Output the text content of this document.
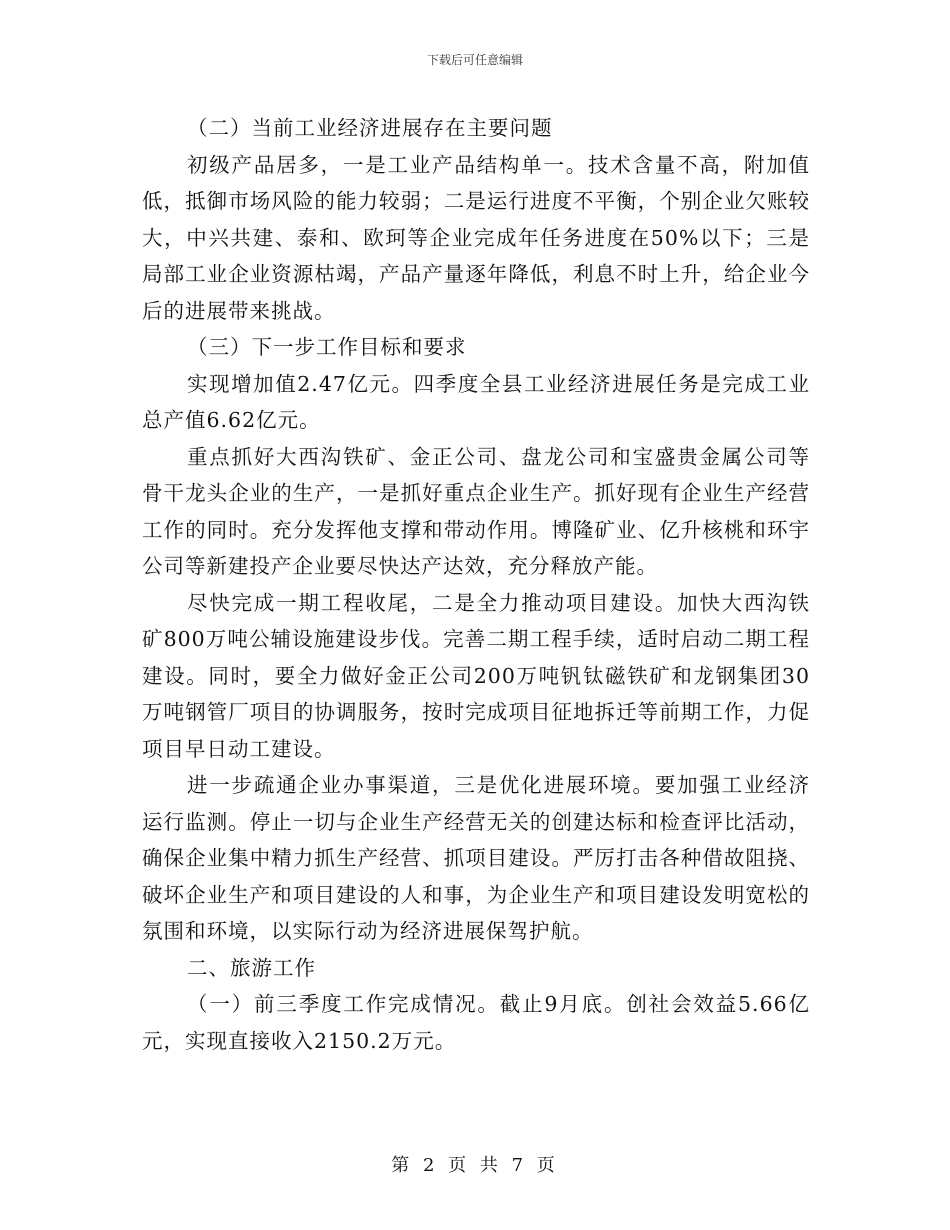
下载后可任意编辑

（二）当前工业经济进展存在主要问题

初级产品居多，一是工业产品结构单一。技术含量不高，附加值低，抵御市场风险的能力较弱；二是运行进度不平衡，个别企业欠账较大，中兴共建、泰和、欧珂等企业完成年任务进度在50%以下；三是局部工业企业资源枯竭，产品产量逐年降低，利息不时上升，给企业今后的进展带来挑战。

（三）下一步工作目标和要求

实现增加值2.47亿元。四季度全县工业经济进展任务是完成工业总产值6.62亿元。

重点抓好大西沟铁矿、金正公司、盘龙公司和宝盛贵金属公司等骨干龙头企业的生产，一是抓好重点企业生产。抓好现有企业生产经营工作的同时。充分发挥他支撑和带动作用。博隆矿业、亿升核桃和环宇公司等新建投产企业要尽快达产达效，充分释放产能。

尽快完成一期工程收尾，二是全力推动项目建设。加快大西沟铁矿800万吨公辅设施建设步伐。完善二期工程手续，适时启动二期工程建设。同时，要全力做好金正公司200万吨钒钛磁铁矿和龙钢集团30万吨钢管厂项目的协调服务，按时完成项目征地拆迁等前期工作，力促项目早日动工建设。

进一步疏通企业办事渠道，三是优化进展环境。要加强工业经济运行监测。停止一切与企业生产经营无关的创建达标和检查评比活动，确保企业集中精力抓生产经营、抓项目建设。严厉打击各种借故阻挠、破坏企业生产和项目建设的人和事，为企业生产和项目建设发明宽松的氛围和环境，以实际行动为经济进展保驾护航。

二、旅游工作

（一）前三季度工作完成情况。截止9月底。创社会效益5.66亿元，实现直接收入2150.2万元。

第 2 页 共 7 页
